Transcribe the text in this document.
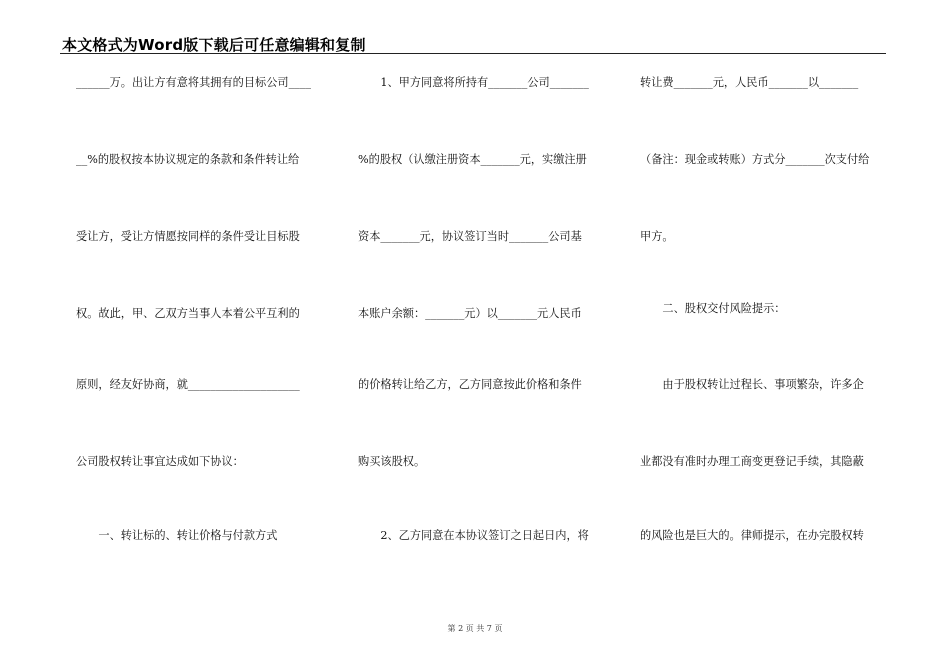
本文格式为Word版下载后可任意编辑和复制
______万。出让方有意将其拥有的目标公司____
__%的股权按本协议规定的条款和条件转让给
受让方，受让方情愿按同样的条件受让目标股
权。故此，甲、乙双方当事人本着公平互利的
原则，经友好协商，就____________________
公司股权转让事宜达成如下协议：
　　一、转让标的、转让价格与付款方式
　　1、甲方同意将所持有_______公司_______
%的股权（认缴注册资本_______元，实缴注册
资本_______元，协议签订当时_______公司基
本账户余额：_______元）以_______元人民币
的价格转让给乙方，乙方同意按此价格和条件
购买该股权。
　　2、乙方同意在本协议签订之日起日内，将
转让费_______元，人民币_______以_______
（备注：现金或转账）方式分_______次支付给
甲方。
　　二、股权交付风险提示：
　　由于股权转让过程长、事项繁杂，许多企
业都没有准时办理工商变更登记手续，其隐蔽
的风险也是巨大的。律师提示，在办完股权转
第 2 页 共 7 页
